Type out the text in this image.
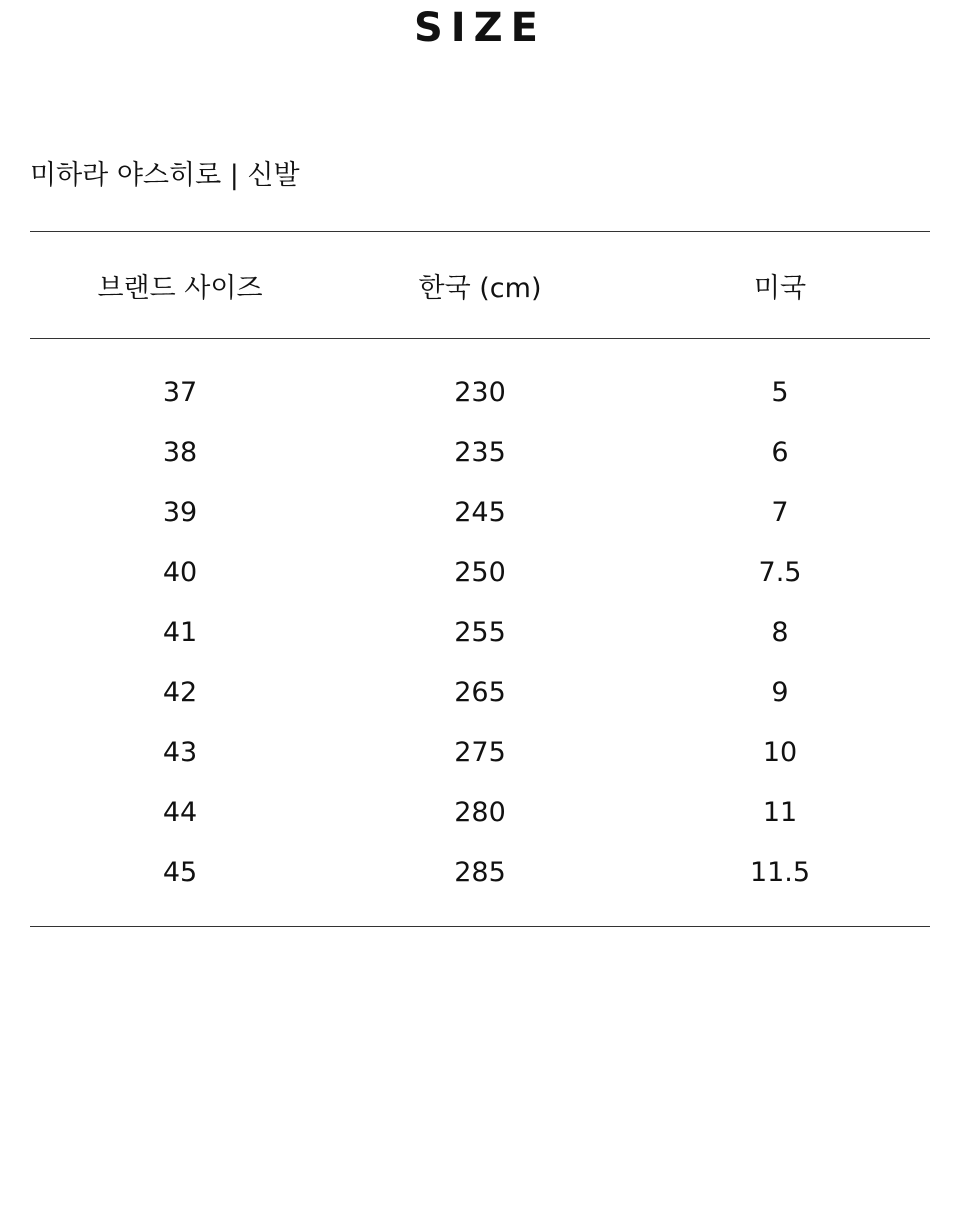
SIZE
미하라 야스히로 | 신발
브랜드 사이즈	한국 (cm)	미국
37	230	5
38	235	6
39	245	7
40	250	7.5
41	255	8
42	265	9
43	275	10
44	280	11
45	285	11.5
